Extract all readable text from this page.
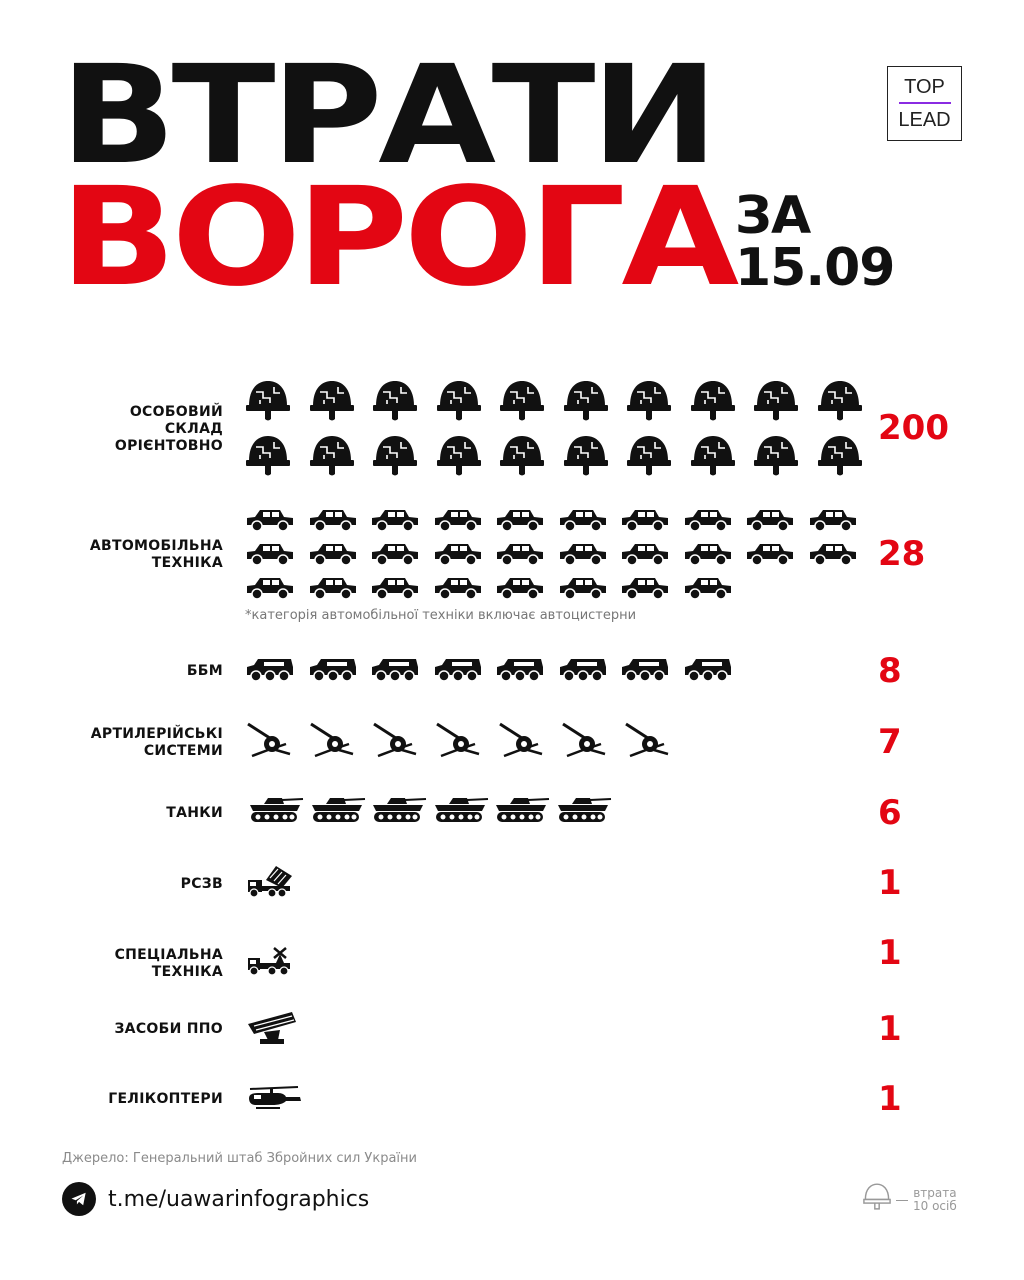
ВТРАТИ
ВОРОГА ЗА
15.09
TOP
LEAD
ОСОБОВИЙ
СКЛАД
ОРІЄНТОВНО	200
АВТОМОБІЛЬНА
ТЕХНІКА	28
*категорія автомобільної техніки включає автоцистерни
ББМ	8
АРТИЛЕРІЙСЬКІ
СИСТЕМИ	7
ТАНКИ	6
РСЗВ	1
СПЕЦІАЛЬНА
ТЕХНІКА	1
ЗАСОБИ ППО	1
ГЕЛІКОПТЕРИ	1
Джерело: Генеральний штаб Збройних сил України
t.me/uawarinfographics	втрата
10 осіб
